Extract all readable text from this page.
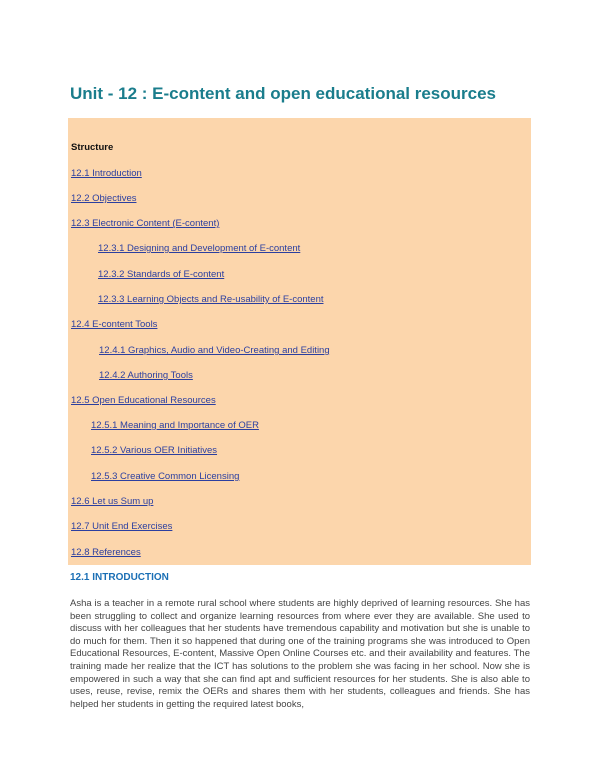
Unit - 12 : E-content and open educational resources
Structure
12.1 Introduction
12.2 Objectives
12.3 Electronic Content (E-content)
12.3.1 Designing and Development of E-content
12.3.2 Standards of E-content
12.3.3 Learning Objects and Re-usability of E-content
12.4 E-content Tools
12.4.1 Graphics, Audio and Video-Creating and Editing
12.4.2 Authoring Tools
12.5 Open Educational Resources
12.5.1 Meaning and Importance of OER
12.5.2 Various OER Initiatives
12.5.3 Creative Common Licensing
12.6 Let us Sum up
12.7 Unit End Exercises
12.8 References
12.1 INTRODUCTION

Asha is a teacher in a remote rural school where students are highly deprived of learning resources. She has been struggling to collect and organize learning resources from where ever they are available. She used to discuss with her colleagues that her students have tremendous capability and motivation but she is unable to do much for them. Then it so happened that during one of the training programs she was introduced to Open Educational Resources, E-content, Massive Open Online Courses etc. and their availability and features. The training made her realize that the ICT has solutions to the problem she was facing in her school. Now she is empowered in such a way that she can find apt and sufficient resources for her students. She is also able to uses, reuse, revise, remix the OERs and shares them with her students, colleagues and friends. She has helped her students in getting the required latest books,
